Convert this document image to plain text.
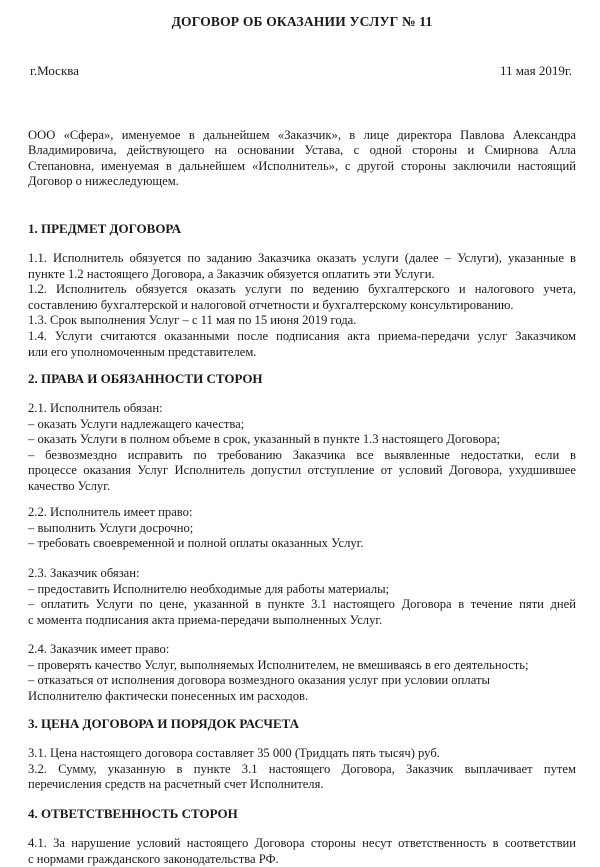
ДОГОВОР ОБ ОКАЗАНИИ УСЛУГ № 11
г.Москва	11 мая 2019г.
ООО «Сфера», именуемое в дальнейшем «Заказчик», в лице директора Павлова Александра
Владимировича, действующего на основании Устава, с одной стороны и Смирнова Алла
Степановна, именуемая в дальнейшем «Исполнитель», с другой стороны заключили настоящий
Договор о нижеследующем.
1. ПРЕДМЕТ ДОГОВОРА
1.1. Исполнитель обязуется по заданию Заказчика оказать услуги (далее – Услуги), указанные в
пункте 1.2 настоящего Договора, а Заказчик обязуется оплатить эти Услуги.
1.2. Исполнитель обязуется оказать услуги по ведению бухгалтерского и налогового учета,
составлению бухгалтерской и налоговой отчетности и бухгалтерскому консультированию.
1.3. Срок выполнения Услуг – с 11 мая по 15 июня 2019 года.
1.4. Услуги считаются оказанными после подписания акта приема-передачи услуг Заказчиком
или его уполномоченным представителем.
2. ПРАВА И ОБЯЗАННОСТИ СТОРОН
2.1. Исполнитель обязан:
– оказать Услуги надлежащего качества;
– оказать Услуги в полном объеме в срок, указанный в пункте 1.3 настоящего Договора;
– безвозмездно исправить по требованию Заказчика все выявленные недостатки, если в
процессе оказания Услуг Исполнитель допустил отступление от условий Договора, ухудшившее
качество Услуг.
2.2. Исполнитель имеет право:
– выполнить Услуги досрочно;
– требовать своевременной и полной оплаты оказанных Услуг.
2.3. Заказчик обязан:
– предоставить Исполнителю необходимые для работы материалы;
– оплатить Услуги по цене, указанной в пункте 3.1 настоящего Договора в течение пяти дней
с момента подписания акта приема-передачи выполненных Услуг.
2.4. Заказчик имеет право:
– проверять качество Услуг, выполняемых Исполнителем, не вмешиваясь в его деятельность;
– отказаться от исполнения договора возмездного оказания услуг при условии оплаты
Исполнителю фактически понесенных им расходов.
3. ЦЕНА ДОГОВОРА И ПОРЯДОК РАСЧЕТА
3.1. Цена настоящего договора составляет 35 000 (Тридцать пять тысяч) руб.
3.2. Сумму, указанную в пункте 3.1 настоящего Договора, Заказчик выплачивает путем
перечисления средств на расчетный счет Исполнителя.
4. ОТВЕТСТВЕННОСТЬ СТОРОН
4.1. За нарушение условий настоящего Договора стороны несут ответственность в соответствии
с нормами гражданского законодательства РФ.
